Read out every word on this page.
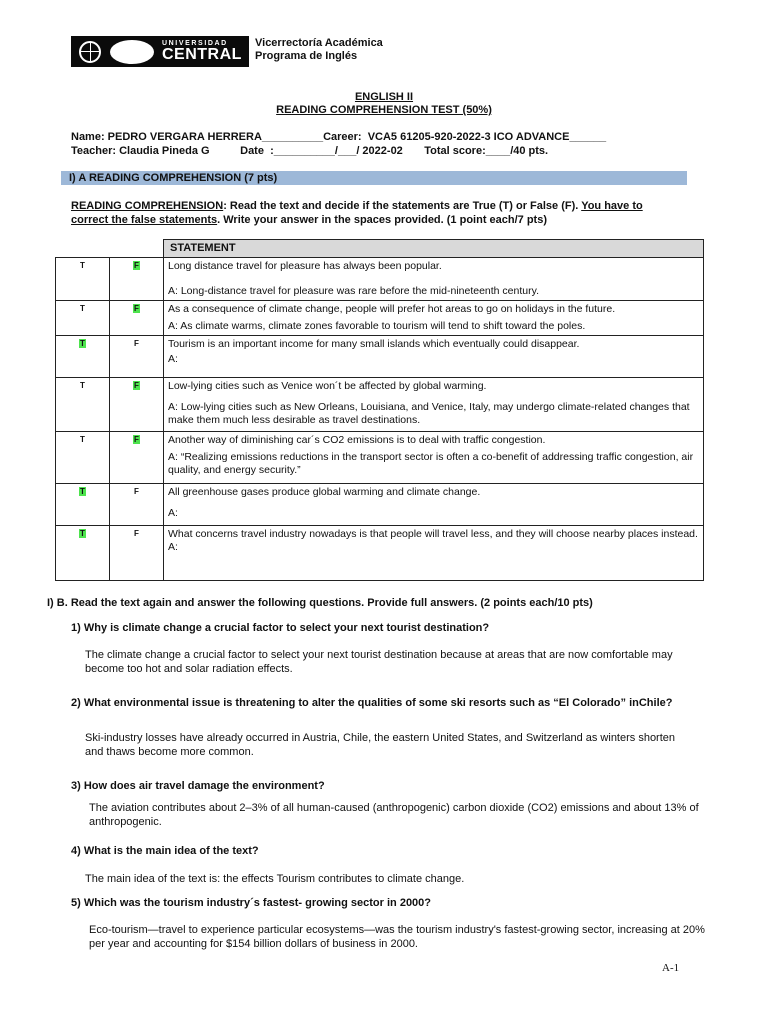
UNIVERSIDAD
CENTRAL
Vicerrectoría Académica
Programa de Inglés
ENGLISH II
READING COMPREHENSION TEST (50%)
Name: PEDRO VERGARA HERRERA__________Career:  VCA5 61205-920-2022-3 ICO ADVANCE______
Teacher: Claudia Pineda G          Date  :__________/___/ 2022-02       Total score:____/40 pts.
I) A READING COMPREHENSION (7 pts)
READING COMPREHENSION: Read the text and decide if the statements are True (T) or False (F). You have to correct the false statements. Write your answer in the spaces provided. (1 point each/7 pts)
		STATEMENT
T	F	Long distance travel for pleasure has always been popular.
A: Long-distance travel for pleasure was rare before the mid-nineteenth century.

T	F	As a consequence of climate change, people will prefer hot areas to go on holidays in the future.
A: As climate warms, climate zones favorable to tourism will tend to shift toward the poles.

T	F	Tourism is an important income for many small islands which eventually could disappear.
A:

T	F	Low-lying cities such as Venice won´t be affected by global warming.
A: Low-lying cities such as New Orleans, Louisiana, and Venice, Italy, may undergo climate-related changes that make them much less desirable as travel destinations.

T	F	Another way of diminishing car´s CO2 emissions is to deal with traffic congestion.
A: “Realizing emissions reductions in the transport sector is often a co-benefit of addressing traffic congestion, air quality, and energy security.”

T	F	All greenhouse gases produce global warming and climate change.
A:

T	F	What concerns travel industry nowadays is that people will travel less, and they will choose nearby places instead.
A:
I) B. Read the text again and answer the following questions. Provide full answers. (2 points each/10 pts)
1) Why is climate change a crucial factor to select your next tourist destination?
The climate change a crucial factor to select your next tourist destination because at areas that are now comfortable may become too hot and solar radiation effects.
2) What environmental issue is threatening to alter the qualities of some ski resorts such as “El Colorado” inChile?
Ski-industry losses have already occurred in Austria, Chile, the eastern United States, and Switzerland as winters shorten and thaws become more common.
3) How does air travel damage the environment?
The aviation contributes about 2–3% of all human-caused (anthropogenic) carbon dioxide (CO2) emissions and about 13% of anthropogenic.
4) What is the main idea of the text?
The main idea of the text is: the effects Tourism contributes to climate change.
5) Which was the tourism industry´s fastest- growing sector in 2000?
Eco-tourism—travel to experience particular ecosystems—was the tourism industry's fastest-growing sector, increasing at 20% per year and accounting for $154 billion dollars of business in 2000.
A-1
